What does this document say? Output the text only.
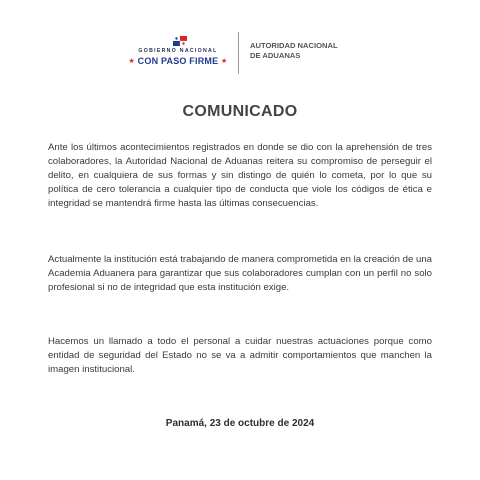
GOBIERNO NACIONAL
★ CON PASO FIRME ★
AUTORIDAD NACIONAL
DE ADUANAS
COMUNICADO
Ante los últimos acontecimientos registrados en donde se dio con la aprehensión de tres colaboradores, la Autoridad Nacional de Aduanas reitera su compromiso de perseguir el delito, en cualquiera de sus formas y sin distingo de quién lo cometa, por lo que su política de cero tolerancia a cualquier tipo de conducta que viole los códigos de ética e integridad se mantendrá firme hasta las últimas consecuencias.
Actualmente la institución está trabajando de manera comprometida en la creación de una Academia Aduanera para garantizar que sus colaboradores cumplan con un perfil no solo profesional si no de integridad que esta institución exige.
Hacemos un llamado a todo el personal a cuidar nuestras actuaciones porque como entidad de seguridad del Estado no se va a admitir comportamientos que manchen la imagen institucional.
Panamá, 23 de octubre de 2024
